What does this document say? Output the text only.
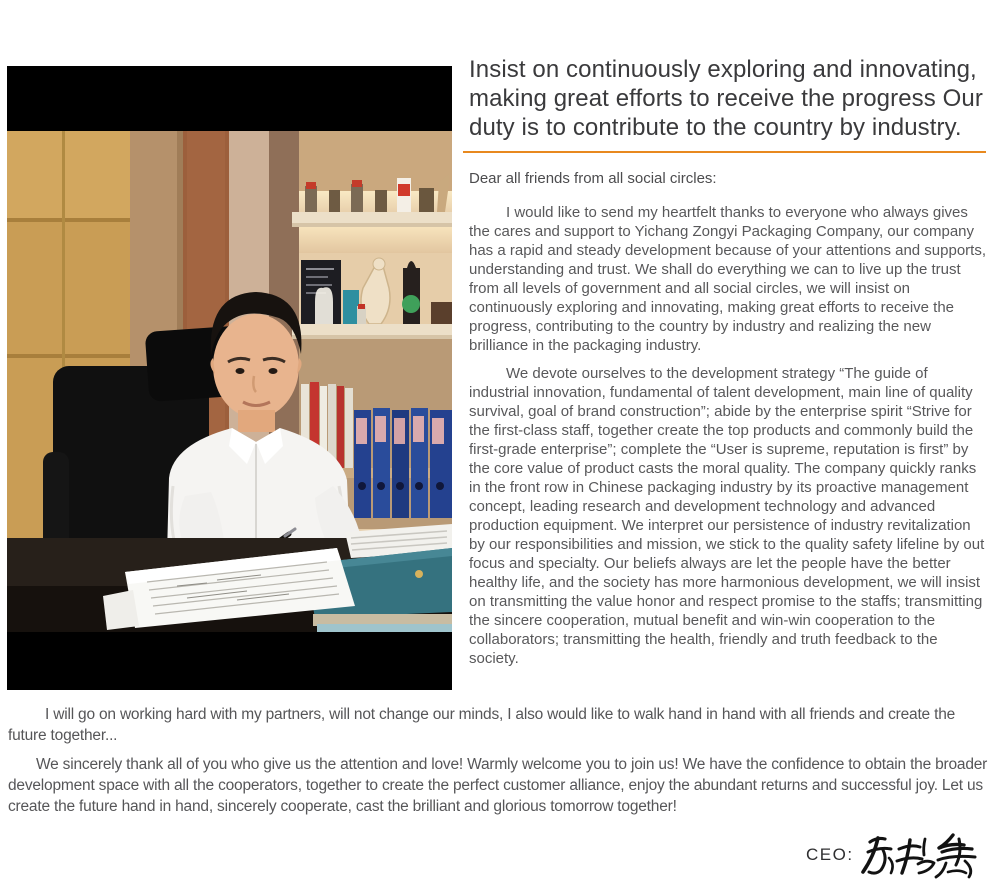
Insist on continuously exploring and innovating, making great efforts to receive the progress Our duty is to contribute to the country by industry.

Dear all friends from all social circles:

I would like to send my heartfelt thanks to everyone who always gives the cares and support to Yichang Zongyi Packaging Company, our company has a rapid and steady development because of your attentions and supports, understanding and trust. We shall do everything we can to live up the trust from all levels of government and all social circles, we will insist on continuously exploring and innovating, making great efforts to receive the progress, contributing to the country by industry and realizing the new brilliance in the packaging industry.

We devote ourselves to the development strategy “The guide of industrial innovation, fundamental of talent development, main line of quality survival, goal of brand construction”; abide by the enterprise spirit “Strive for the first-class staff, together create the top products and commonly build the first-grade enterprise”; complete the “User is supreme, reputation is first” by the core value of product casts the moral quality. The company quickly ranks in the front row in Chinese packaging industry by its proactive management concept, leading research and development technology and advanced production equipment. We interpret our persistence of industry revitalization by our responsibilities and mission, we stick to the quality safety lifeline by out focus and specialty. Our beliefs always are let the people have the better healthy life, and the society has more harmonious development, we will insist on transmitting the value honor and respect promise to the staffs; transmitting the sincere cooperation, mutual benefit and win-win cooperation to the collaborators; transmitting the health, friendly and truth feedback to the society.

I will go on working hard with my partners, will not change our minds, I also would like to walk hand in hand with all friends and create the future together...

We sincerely thank all of you who give us the attention and love! Warmly welcome you to join us! We have the confidence to obtain the broader development space with all the cooperators, together to create the perfect customer alliance, enjoy the abundant returns and successful joy. Let us create the future hand in hand, sincerely cooperate, cast the brilliant and glorious tomorrow together!

CEO:
